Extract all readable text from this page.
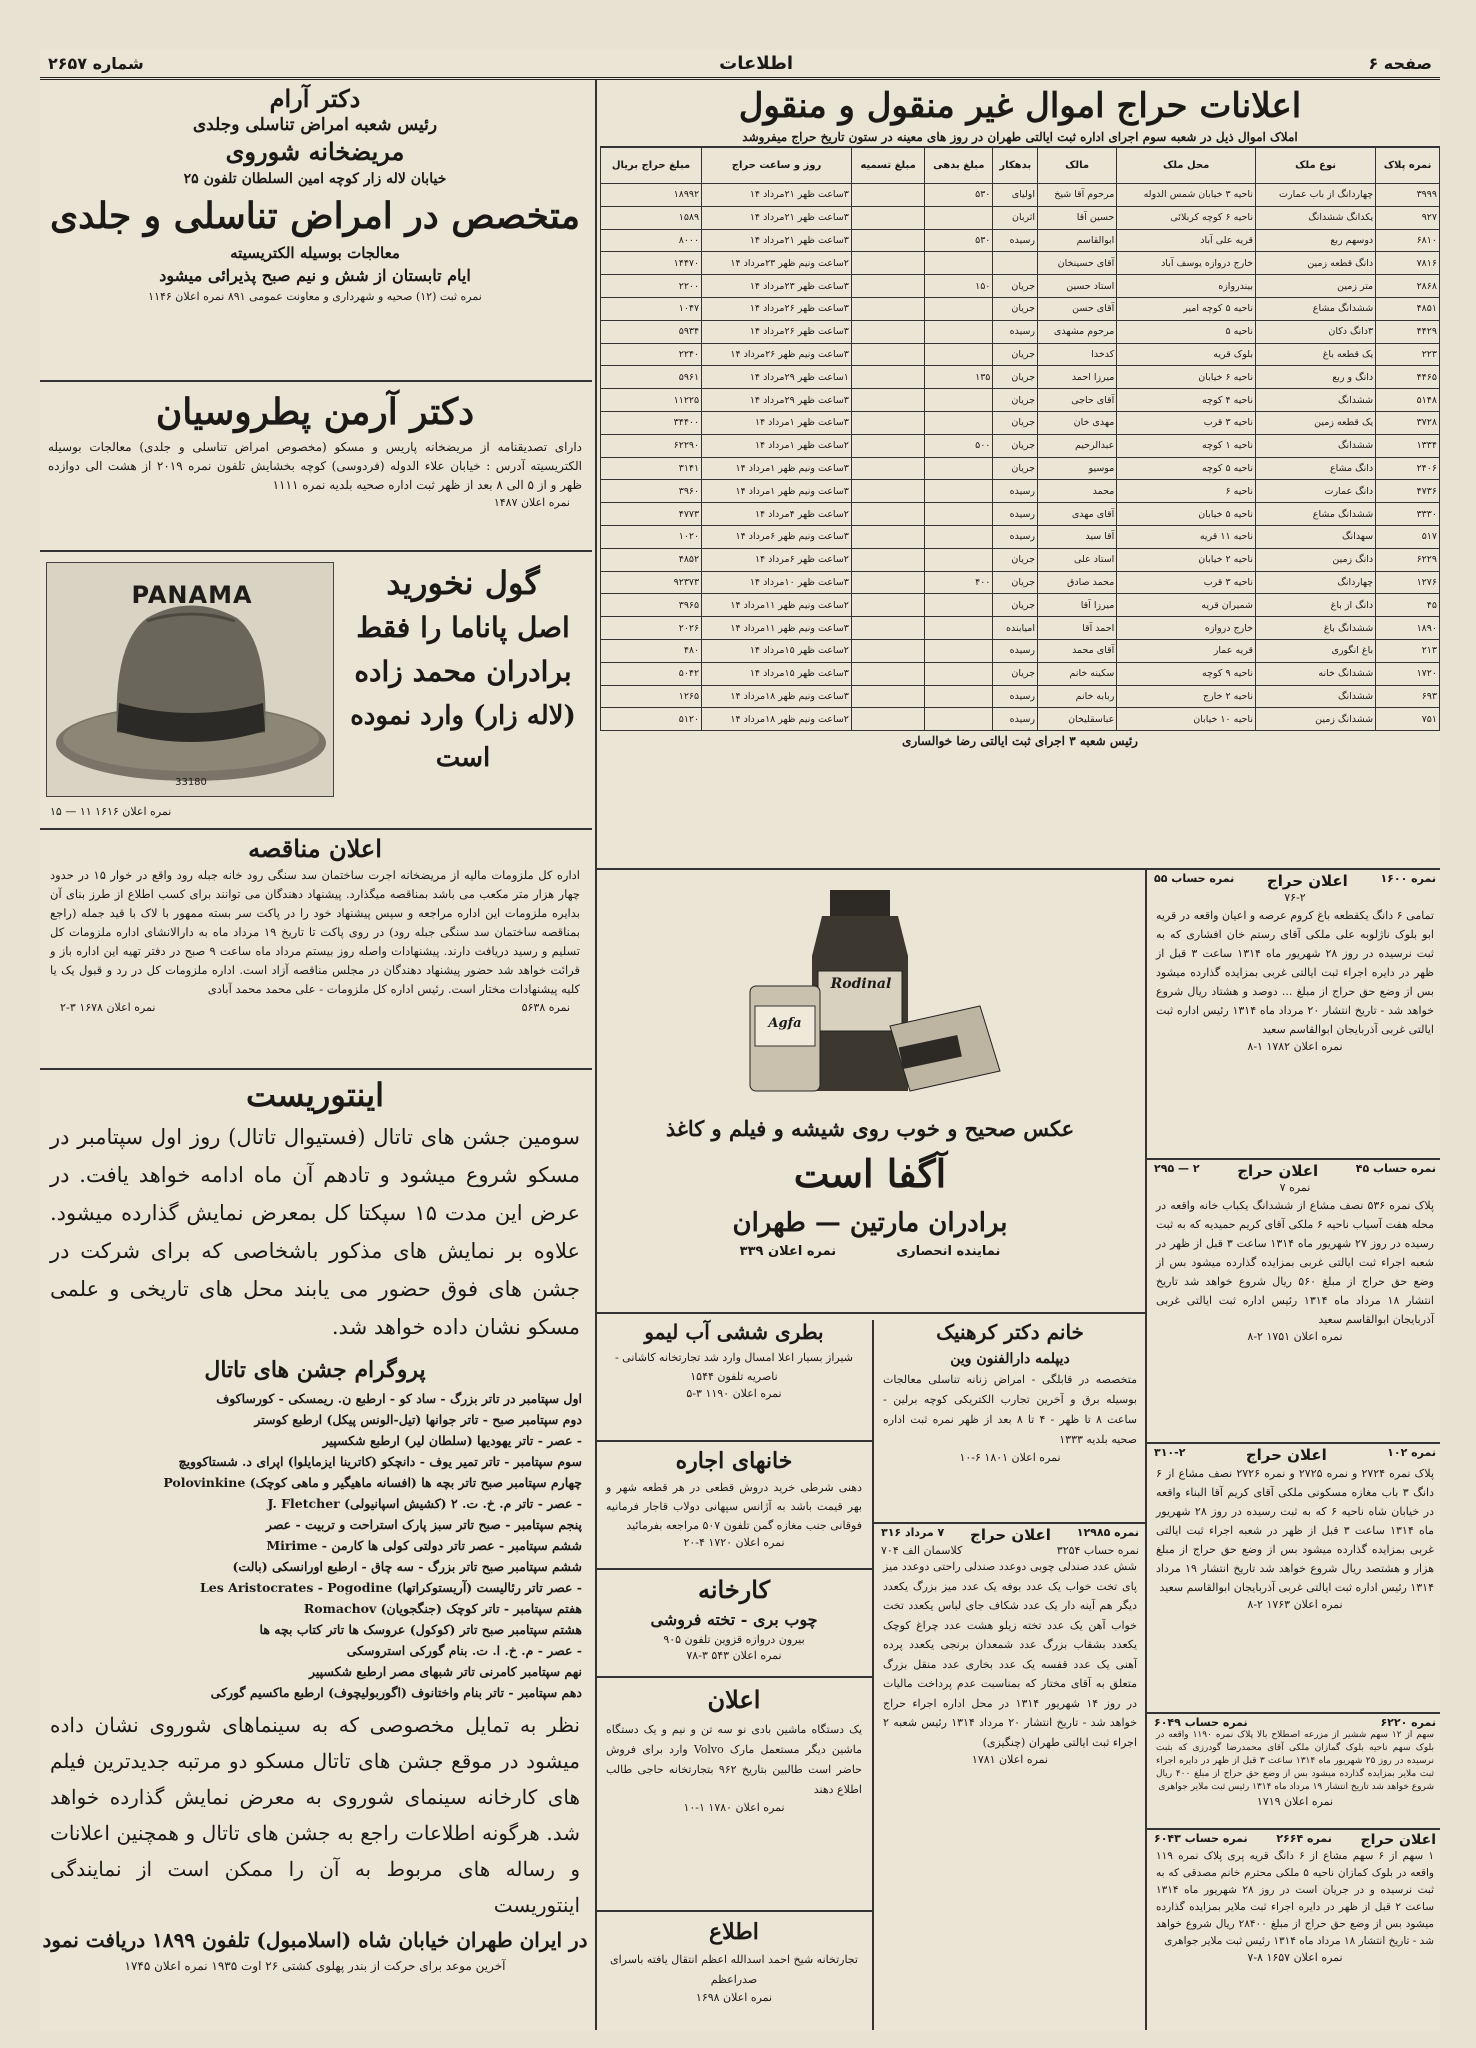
صفحه ۶
اطلاعات
شماره ۲۶۵۷
اعلانات حراج اموال غیر منقول و منقول
املاک اموال ذیل در شعبه سوم اجرای اداره ثبت ایالتی طهران در روز های معینه در ستون تاریخ حراج میفروشد
نمره پلاک	نوع ملک	محل ملک	مالک	بدهکار	مبلغ بدهی	مبلغ تسمیه	روز و ساعت حراج	مبلغ حراج بریال
۳۹۹۹	چهاردانگ از باب عمارت	ناحیه ۳ خیابان شمس الدوله	مرحوم آقا شیخ	اولیای	۵۳۰		۳ساعت ظهر ۲۱مرداد ۱۴	۱۸۹۹۲
۹۲۷	یکدانگ ششدانگ	ناحیه ۶ کوچه کربلائی	حسین آقا	اثربان			۳ساعت ظهر ۲۱مرداد ۱۴	۱۵۸۹
۶۸۱۰	دوسهم ربع	قریه علی آباد	ابوالقاسم	رسیده	۵۳۰		۳ساعت ظهر ۲۱مرداد ۱۴	۸۰۰۰
۷۸۱۶	دانگ قطعه زمین	خارج دروازه یوسف آباد	آقای حسینخان				۲ساعت ونیم ظهر ۲۳مرداد ۱۴	۱۴۴۷۰
۲۸۶۸	متر زمین	بیندروازه	استاد حسین	جریان	۱۵۰		۳ساعت ظهر ۲۳مرداد ۱۴	۲۲۰۰
۴۸۵۱	ششدانگ مشاع	ناحیه ۵ کوچه امیر	آقای حسن	جریان			۳ساعت ظهر ۲۶مرداد ۱۴	۱۰۴۷
۴۴۲۹	۳دانگ دکان	ناحیه ۵	مرحوم مشهدی	رسیده			۳ساعت ظهر ۲۶مرداد ۱۴	۵۹۳۴
۲۲۳	یک قطعه باغ	بلوک قریه	کدخدا	جریان			۳ساعت ونیم ظهر ۲۶مرداد ۱۴	۲۲۴۰
۴۴۶۵	دانگ و ربع	ناحیه ۶ خیابان	میرزا احمد	جریان	۱۳۵		۱ساعت ظهر ۲۹مرداد ۱۴	۵۹۶۱
۵۱۴۸	ششدانگ	ناحیه ۴ کوچه	آقای حاجی	جریان			۳ساعت ظهر ۲۹مرداد ۱۴	۱۱۲۲۵
۳۷۲۸	یک قطعه زمین	ناحیه ۳ قرب	مهدی خان	جریان			۳ساعت ظهر ۱مرداد ۱۴	۳۴۴۰۰
۱۳۳۴	ششدانگ	ناحیه ۱ کوچه	عبدالرحیم	جریان	۵۰۰		۲ساعت ظهر ۱مرداد ۱۴	۶۲۲۹۰
۲۴۰۶	دانگ مشاع	ناحیه ۵ کوچه	موسیو	جریان			۳ساعت ونیم ظهر ۱مرداد ۱۴	۳۱۴۱
۴۷۳۶	دانگ عمارت	ناحیه ۶	محمد	رسیده			۳ساعت ونیم ظهر ۱مرداد ۱۴	۳۹۶۰
۳۳۳۰	ششدانگ مشاع	ناحیه ۵ خیابان	آقای مهدی	رسیده			۲ساعت ظهر ۴مرداد ۱۴	۴۷۷۳
۵۱۷	سهدانگ	ناحیه ۱۱ قریه	آقا سید	رسیده			۳ساعت ونیم ظهر ۶مرداد ۱۴	۱۰۲۰
۶۲۲۹	دانگ زمین	ناحیه ۲ خیابان	استاد علی	جریان			۲ساعت ظهر ۶مرداد ۱۴	۴۸۵۲
۱۲۷۶	چهاردانگ	ناحیه ۳ قرب	محمد صادق	جریان	۴۰۰		۳ساعت ظهر ۱۰مرداد ۱۴	۹۲۳۷۳
۴۵	دانگ از باغ	شمیران قریه	میرزا آقا	جریان			۲ساعت ونیم ظهر ۱۱مرداد ۱۴	۳۹۶۵
۱۸۹۰	ششدانگ باغ	خارج دروازه	احمد آقا	امیابنده			۳ساعت ونیم ظهر ۱۱مرداد ۱۴	۲۰۲۶
۲۱۳	باغ انگوری	قریه عمار	آقای محمد	رسیده			۲ساعت ظهر ۱۵مرداد ۱۴	۴۸۰
۱۷۲۰	ششدانگ خانه	ناحیه ۹ کوچه	سکینه خانم	جریان			۳ساعت ظهر ۱۵مرداد ۱۴	۵۰۴۲
۶۹۳	ششدانگ	ناحیه ۲ خارج	ربابه خانم	رسیده			۳ساعت ونیم ظهر ۱۸مرداد ۱۴	۱۲۶۵
۷۵۱	ششدانگ زمین	ناحیه ۱۰ خیابان	عباسقلیخان	رسیده			۲ساعت ونیم ظهر ۱۸مرداد ۱۴	۵۱۲۰
رئیس شعبه ۳ اجرای ثبت ایالتی رضا خوالساری
دکتر آرام
رئیس شعبه امراض تناسلی وجلدی
مریضخانه شوروی
خیابان لاله زار کوچه امین السلطان تلفون ۲۵
متخصص در امراض تناسلی و جلدی
معالجات بوسیله الکتریسیته
ایام تابستان از شش و نیم صبح پذیرائی میشود
نمره ثبت (۱۲) صحیه و شهرداری و معاونت عمومی ۸۹۱ نمره اعلان ۱۱۴۶
دکتر آرمن پطروسیان
دارای تصدیقنامه از مریضخانه پاریس و مسکو (مخصوص امراض تناسلی و جلدی) معالجات بوسیله الکتریسیته آدرس : خیابان علاء الدوله (فردوسی) کوچه بخشایش تلفون نمره ۲۰۱۹ از هشت الی دوازده ظهر و از ۵ الی ۸ بعد از ظهر ثبت اداره صحیه بلدیه نمره ۱۱۱۱
نمره اعلان ۱۴۸۷
PANAMA
33180
گول نخورید
اصل پاناما را فقط
برادران محمد زاده
(لاله زار) وارد نموده
است
نمره اعلان ۱۶۱۶ ۱۱ — ۱۵
اعلان مناقصه
اداره کل ملزومات مالیه از مریضخانه اجرت ساختمان سد سنگی رود خانه جبله رود واقع در خوار ۱۵ در حدود چهار هزار متر مکعب می باشد بمناقصه میگذارد. پیشنهاد دهندگان می توانند برای کسب اطلاع از طرز بنای آن بدایره ملزومات این اداره مراجعه و سپس پیشنهاد خود را در پاکت سر بسته ممهور با لاک با قید جمله (راجع بمناقصه ساختمان سد سنگی جبله رود) در روی پاکت تا تاریخ ۱۹ مرداد ماه به دارالانشای اداره ملزومات کل تسلیم و رسید دریافت دارند. پیشنهادات واصله روز بیستم مرداد ماه ساعت ۹ صبح در دفتر تهیه این اداره باز و قرائت خواهد شد حضور پیشنهاد دهندگان در مجلس مناقصه آزاد است. اداره ملزومات کل در رد و قبول یک یا کلیه پیشنهادات مختار است. رئیس اداره کل ملزومات - علی محمد محمد آبادی
نمره ۵۶۳۸
نمره اعلان ۱۶۷۸ ۳-۲
اینتوریست
سومین جشن های تاتال (فستیوال تاتال) روز اول سپتامبر در مسکو شروع میشود و تادهم آن ماه ادامه خواهد یافت. در عرض این مدت ۱۵ سپکتا کل بمعرض نمایش گذارده میشود. علاوه بر نمایش های مذکور باشخاصی که برای شرکت در جشن های فوق حضور می یابند محل های تاریخی و علمی مسکو نشان داده خواهد شد.
پروگرام جشن های تاتال
اول سپتامبر در تاتر بزرگ - ساد کو - ارطبع ن. ریمسکی - کورساکوف
دوم سپتامبر صبح - تاتر جوانها (تیل-الونس پیکل) ارطبع کوستر
- عصر - تاتر یهودیها (سلطان لیر) ارطبع شکسپیر
سوم سپتامبر - تاتر تمیر یوف - دانچکو (کاترینا ایزمایلوا) اپرای د. شستاکوویچ
چهارم سپتامبر صبح تاتر بچه ها (افسانه ماهیگیر و ماهی کوچک) Polovinkine
- عصر - تاتر م. خ. ت. ۲ (کشیش اسپانیولی) J. Fletcher
پنجم سپتامبر - صبح تاتر سبز پارک استراحت و تربیت - عصر
ششم سپتامبر - عصر تاتر دولتی کولی ها کارمن - Mirime
ششم سپتامبر صبح تاتر بزرگ - سه چاق - ارطبع اورانسکی (بالت)
- عصر تاتر رئالیست (آریستوکراتها) Les Aristocrates - Pogodine
هفتم سپتامبر - تاتر کوچک (جنگجویان) Romachov
هشتم سپتامبر صبح تاتر (کوکول) عروسک ها تاتر کتاب بچه ها
- عصر - م. خ. ا. ت. بنام گورکی استروسکی
نهم سپتامبر کامرنی تاتر شبهای مصر ارطبع شکسپیر
دهم سپتامبر - تاتر بنام واختانوف (اگوربولیچوف) ارطبع ماکسیم گورکی
نظر به تمایل مخصوصی که به سینماهای شوروی نشان داده میشود در موقع جشن های تاتال مسکو دو مرتبه جدیدترین فیلم های کارخانه سینمای شوروی به معرض نمایش گذارده خواهد شد. هرگونه اطلاعات راجع به جشن های تاتال و همچنین اعلانات و رساله های مربوط به آن را ممکن است از نمایندگی اینتوریست
در ایران طهران خیابان شاه (اسلامبول) تلفون ۱۸۹۹ دریافت نمود
آخرین موعد برای حرکت از بندر پهلوی کشتی ۲۶ اوت ۱۹۳۵ نمره اعلان ۱۷۴۵
Rodinal
Agfa
عکس صحیح و خوب روی شیشه و فیلم و کاغذ
آگفا است
برادران مارتین — طهران
نماینده انحصاری
نمره اعلان ۳۳۹
خانم دکتر کرهنیک
دیپلمه دارالفنون وین
متخصصه در قابلگی - امراض زنانه تناسلی معالجات بوسیله برق و آخرین تجارب الکتریکی کوچه برلین - ساعت ۸ تا ظهر - ۴ تا ۸ بعد از ظهر نمره ثبت اداره صحیه بلدیه ۱۳۳۳
نمره اعلان ۱۸۰۱ ۶-۱۰
نمره ۱۲۹۸۵
اعلان حراج
۷ مرداد ۳۱۶
نمره حساب ۳۲۵۴
کلاسمان الف ۷۰۴
شش عدد صندلی چوبی دوعدد صندلی راحتی دوعدد میز پای تخت خواب یک عدد بوفه یک عدد میز بزرگ یکعدد دیگر هم آینه دار یک عدد شکاف جای لباس یکعدد تخت خواب آهن یک عدد تخته زیلو هشت عدد چراغ کوچک یکعدد بشقاب بزرگ عدد شمعدان برنجی یکعدد پرده آهنی یک عدد قفسه یک عدد بخاری عدد منقل بزرگ متعلق به آقای مختار که بمناسبت عدم پرداخت مالیات در روز ۱۴ شهریور ۱۳۱۴ در محل اداره اجراء حراج خواهد شد - تاریخ انتشار ۲۰ مرداد ۱۳۱۴ رئیس شعبه ۲ اجراء ثبت ایالتی طهران (چنگیزی)
نمره اعلان ۱۷۸۱
بطری ششی آب لیمو
شیراز بسیار اعلا امسال وارد شد تجارتخانه کاشانی - ناصریه تلفون ۱۵۴۴
نمره اعلان ۱۱۹۰ ۳-۵
خانهای اجاره
دهنی شرطی خرید دروش قطعی در هر قطعه شهر و بهر قیمت باشد به آژانس سپهانی دولاب قاجار فرمانیه فوقانی جنب مغازه گمن تلفون ۵۰۷ مراجعه بفرمائید
نمره اعلان ۱۷۲۰ ۴-۲۰
کارخانه
چوب بری - تخته فروشی
بیرون دروازه قزوین تلفون ۹۰۵
نمره اعلان ۵۴۳ ۳-۷۸
اعلان
یک دستگاه ماشین بادی نو سه تن و نیم و یک دستگاه ماشین دیگر مستعمل مارک Volvo وارد برای فروش حاضر است طالبین بتاریخ ۹۶۲ بتجارتخانه حاجی طالب اطلاع دهند
نمره اعلان ۱۷۸۰ ۱-۱۰
اطلاع
تجارتخانه شیخ احمد اسدالله اعظم انتقال یافته باسرای صدراعظم
نمره اعلان ۱۶۹۸
نمره ۱۶۰۰
اعلان حراج
نمره حساب ۵۵
۷۶-۲
تمامی ۶ دانگ یکقطعه باغ کروم عرصه و اعیان واقعه در قریه ابو بلوک ناژلوبه علی ملکی آقای رستم خان افشاری که به ثبت نرسیده در روز ۲۸ شهریور ماه ۱۳۱۴ ساعت ۳ قبل از ظهر در دایره اجراء ثبت ایالتی غربی بمزایده گذارده میشود بس از وضع حق حراج از مبلغ ... دوصد و هشتاد ریال شروع خواهد شد - تاریخ انتشار ۲۰ مرداد ماه ۱۳۱۴ رئیس اداره ثبت ایالتی غربی آذربایجان ابوالقاسم سعید
نمره اعلان ۱۷۸۲ ۱-۸
نمره حساب ۴۵
اعلان حراج
۲ — ۲۹۵
نمره ۷
پلاک نمره ۵۳۶ نصف مشاع از ششدانگ یکباب خانه واقعه در محله هفت آسیاب ناحیه ۶ ملکی آقای کریم حمیدیه که به ثبت رسیده در روز ۲۷ شهریور ماه ۱۳۱۴ ساعت ۳ قبل از ظهر در شعبه اجراء ثبت ایالتی غربی بمزایده گذارده میشود بس از وضع حق حراج از مبلغ ۵۶۰ ریال شروع خواهد شد تاریخ انتشار ۱۸ مرداد ماه ۱۳۱۴ رئیس اداره ثبت ایالتی غربی آذربایجان ابوالقاسم سعید
نمره اعلان ۱۷۵۱ ۲-۸
نمره ۱۰۲
اعلان حراج
۳۱۰-۲
پلاک نمره ۲۷۲۴ و نمره ۲۷۲۵ و نمره ۲۷۲۶ نصف مشاع از ۶ دانگ ۳ باب مغازه مسکونی ملکی آقای کریم آقا البناء واقعه در خیابان شاه ناحیه ۶ که به ثبت رسیده در روز ۲۸ شهریور ماه ۱۳۱۴ ساعت ۳ قبل از ظهر در شعبه اجراء ثبت ایالتی غربی بمزایده گذارده میشود بس از وضع حق حراج از مبلغ هزار و هشتصد ریال شروع خواهد شد تاریخ انتشار ۱۹ مرداد ۱۳۱۴ رئیس اداره ثبت ایالتی غربی آذربایجان ابوالقاسم سعید
نمره اعلان ۱۷۶۳ ۲-۸
نمره ۶۲۲۰
نمره حساب ۶۰۴۹
سهم از ۱۲ سهم ششیر از مزرعه اصطلاح بالا پلاک نمره ۱۱۹۰ واقعه در بلوک سهم ناحیه بلوک گمازان ملکی آقای محمدرضا گودرزی که بثبت نرسیده در روز ۲۵ شهریور ماه ۱۳۱۴ ساعت ۳ قبل از ظهر در دایره اجراء ثبت ملایر بمزایده گذارده میشود بس از وضع حق حراج از مبلغ ۴۰۰ ریال شروع خواهد شد تاریخ انتشار ۱۹ مرداد ماه ۱۳۱۴ رئیس ثبت ملایر جواهری
نمره اعلان ۱۷۱۹
اعلان حراج
نمره ۲۶۶۴
نمره حساب ۶۰۴۳
۱ سهم از ۶ سهم مشاع از ۶ دانگ قریه پری پلاک نمره ۱۱۹ واقعه در بلوک کمازان ناحیه ۵ ملکی محترم خانم مصدقی که به ثبت نرسیده و در جریان است در روز ۲۸ شهریور ماه ۱۳۱۴ ساعت ۲ قبل از ظهر در دایره اجراء ثبت ملایر بمزایده گذارده میشود بس از وضع حق حراج از مبلغ ۲۸۴۰۰ ریال شروع خواهد شد - تاریخ انتشار ۱۸ مرداد ماه ۱۳۱۴ رئیس ثبت ملایر جواهری
نمره اعلان ۱۶۵۷ ۸-۷
